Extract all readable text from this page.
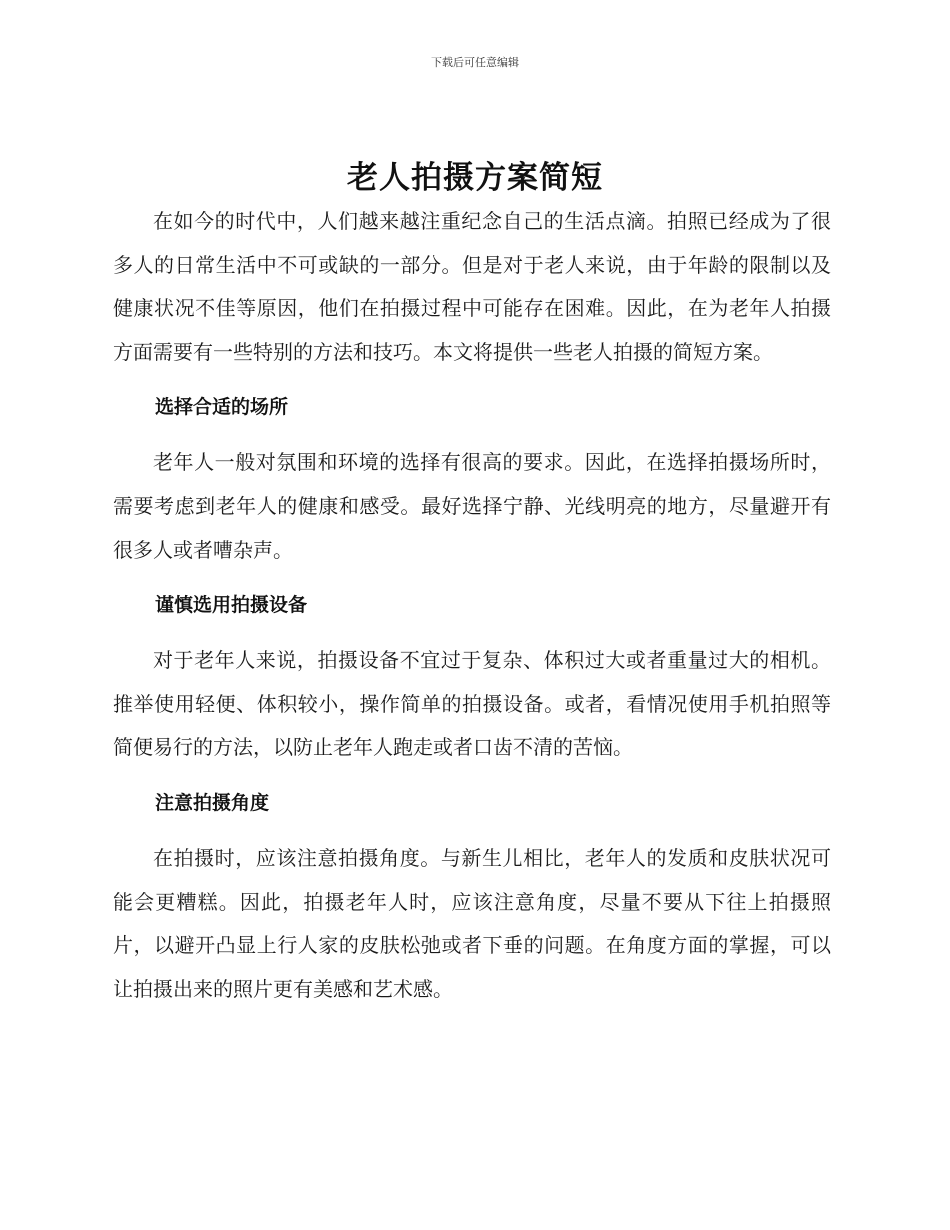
下载后可任意编辑
老人拍摄方案简短

在如今的时代中，人们越来越注重纪念自己的生活点滴。拍照已经成为了很多人的日常生活中不可或缺的一部分。但是对于老人来说，由于年龄的限制以及健康状况不佳等原因，他们在拍摄过程中可能存在困难。因此，在为老年人拍摄方面需要有一些特别的方法和技巧。本文将提供一些老人拍摄的简短方案。

选择合适的场所

老年人一般对氛围和环境的选择有很高的要求。因此，在选择拍摄场所时，需要考虑到老年人的健康和感受。最好选择宁静、光线明亮的地方，尽量避开有很多人或者嘈杂声。

谨慎选用拍摄设备

对于老年人来说，拍摄设备不宜过于复杂、体积过大或者重量过大的相机。推举使用轻便、体积较小，操作简单的拍摄设备。或者，看情况使用手机拍照等简便易行的方法，以防止老年人跑走或者口齿不清的苦恼。

注意拍摄角度

在拍摄时，应该注意拍摄角度。与新生儿相比，老年人的发质和皮肤状况可能会更糟糕。因此，拍摄老年人时，应该注意角度，尽量不要从下往上拍摄照片，以避开凸显上行人家的皮肤松弛或者下垂的问题。在角度方面的掌握，可以让拍摄出来的照片更有美感和艺术感。
